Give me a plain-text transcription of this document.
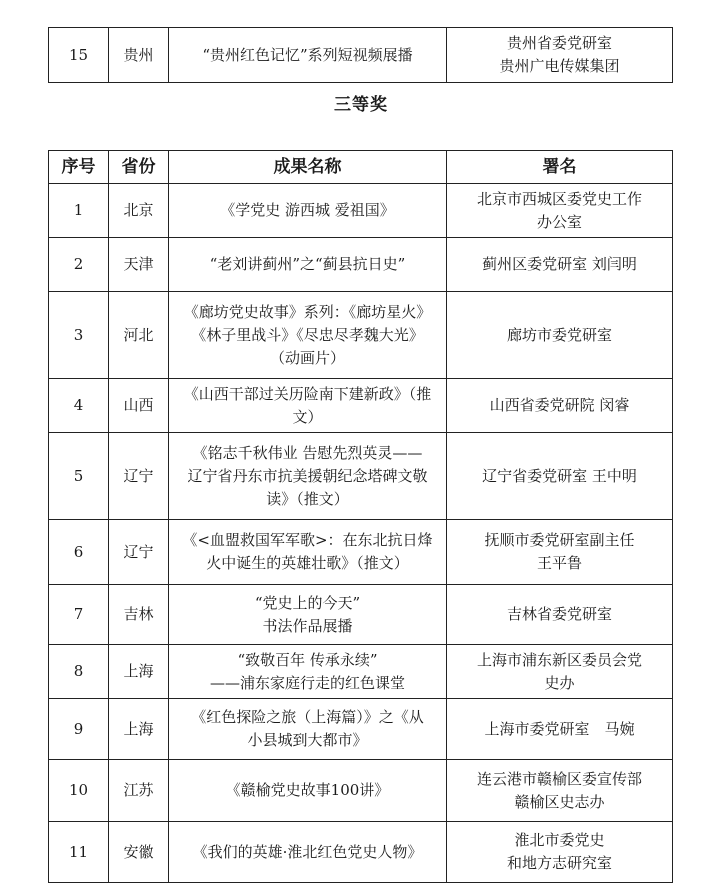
15	贵州	“贵州红色记忆”系列短视频展播	贵州省委党研室
贵州广电传媒集团
三等奖
序号	省份	成果名称	署名
1	北京	《学党史 游西城 爱祖国》	北京市西城区委党史工作
办公室
2	天津	“老刘讲蓟州”之“蓟县抗日史”	蓟州区委党研室 刘闫明
3	河北	《廊坊党史故事》系列：《廊坊星火》
《林子里战斗》《尽忠尽孝魏大光》
（动画片）	廊坊市委党研室
4	山西	《山西干部过关历险南下建新政》（推
文）	山西省委党研院 闵睿
5	辽宁	《铭志千秋伟业 告慰先烈英灵——
辽宁省丹东市抗美援朝纪念塔碑文敬
读》（推文）	辽宁省委党研室 王中明
6	辽宁	《<血盟救国军军歌>：在东北抗日烽
火中诞生的英雄壮歌》（推文）	抚顺市委党研室副主任
王平鲁
7	吉林	“党史上的今天”
书法作品展播	吉林省委党研室
8	上海	“致敬百年 传承永续”
——浦东家庭行走的红色课堂	上海市浦东新区委员会党
史办
9	上海	《红色探险之旅（上海篇）》之《从
小县城到大都市》	上海市委党研室　马婉
10	江苏	《赣榆党史故事100讲》	连云港市赣榆区委宣传部
赣榆区史志办
11	安徽	《我们的英雄·淮北红色党史人物》	淮北市委党史
和地方志研究室
